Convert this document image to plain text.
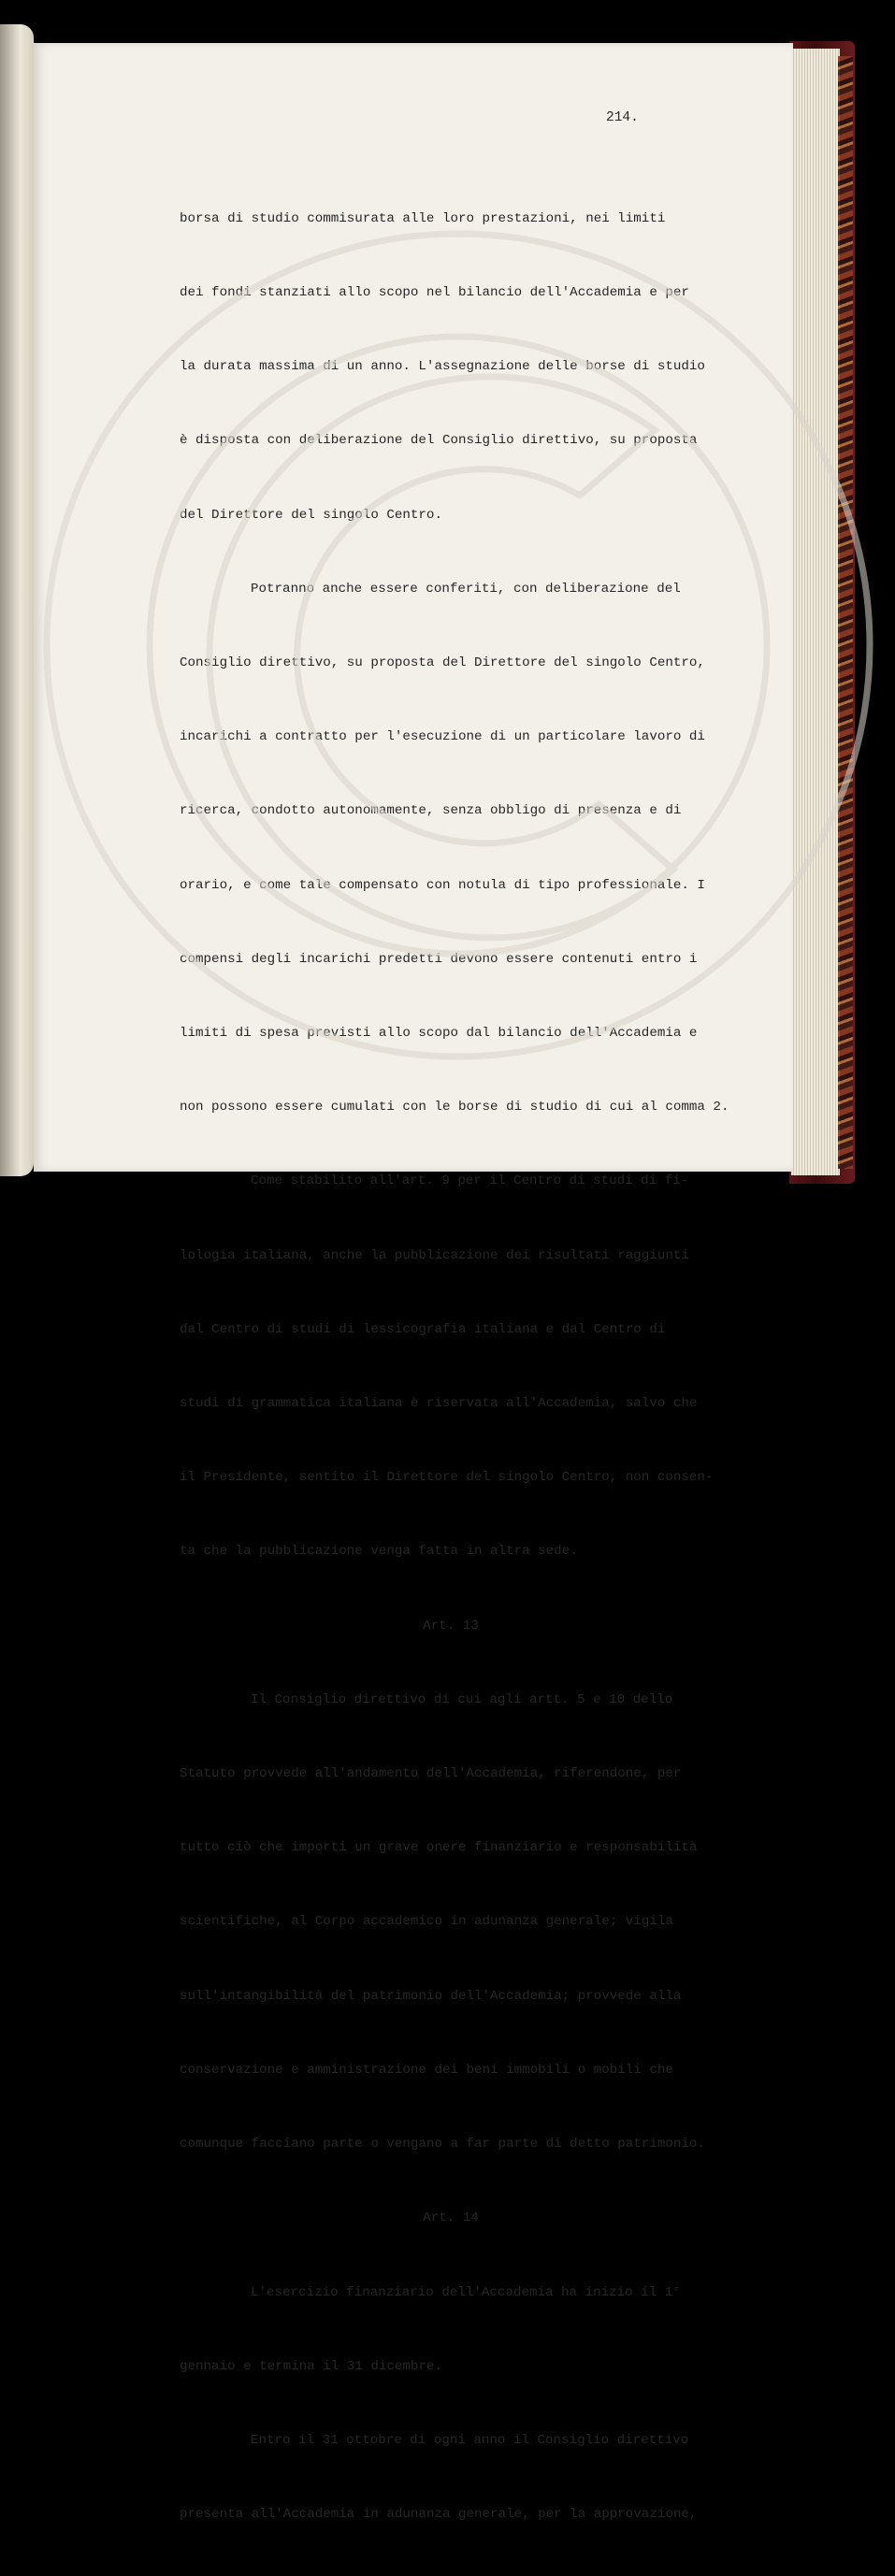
214.

borsa di studio commisurata alle loro prestazioni, nei limiti

dei fondi stanziati allo scopo nel bilancio dell'Accademia e per

la durata massima di un anno. L'assegnazione delle borse di studio

è disposta con deliberazione del Consiglio direttivo, su proposta

del Direttore del singolo Centro.

Potranno anche essere conferiti, con deliberazione del

Consiglio direttivo, su proposta del Direttore del singolo Centro,

incarichi a contratto per l'esecuzione di un particolare lavoro di

ricerca, condotto autonomamente, senza obbligo di presenza e di

orario, e come tale compensato con notula di tipo professionale. I

compensi degli incarichi predetti devono essere contenuti entro i

limiti di spesa previsti allo scopo dal bilancio dell'Accademia e

non possono essere cumulati con le borse di studio di cui al comma 2.

Come stabilito all'art. 9 per il Centro di studi di fi-

lologia italiana, anche la pubblicazione dei risultati raggiunti

dal Centro di studi di lessicografia italiana e dal Centro di

studi di grammatica italiana è riservata all'Accademia, salvo che

il Presidente, sentito il Direttore del singolo Centro, non consen-

ta che la pubblicazione venga fatta in altra sede.

Art. 13

Il Consiglio direttivo di cui agli artt. 5 e 10 dello

Statuto provvede all'andamento dell'Accademia, riferendone, per

tutto ciò che importi un grave onere finanziario e responsabilità

scientifiche, al Corpo accademico in adunanza generale; vigila

sull'intangibilità del patrimonio dell'Accademia; provvede alla

conservazione e amministrazione dei beni immobili o mobili che

comunque facciano parte o vengano a far parte di detto patrimonio.

Art. 14

L'esercizio finanziario dell'Accademia ha inizio il 1°

gennaio e termina il 31 dicembre.

Entro il 31 ottobre di ogni anno il Consiglio direttivo

presenta all'Accademia in adunanza generale, per la approvazione,
